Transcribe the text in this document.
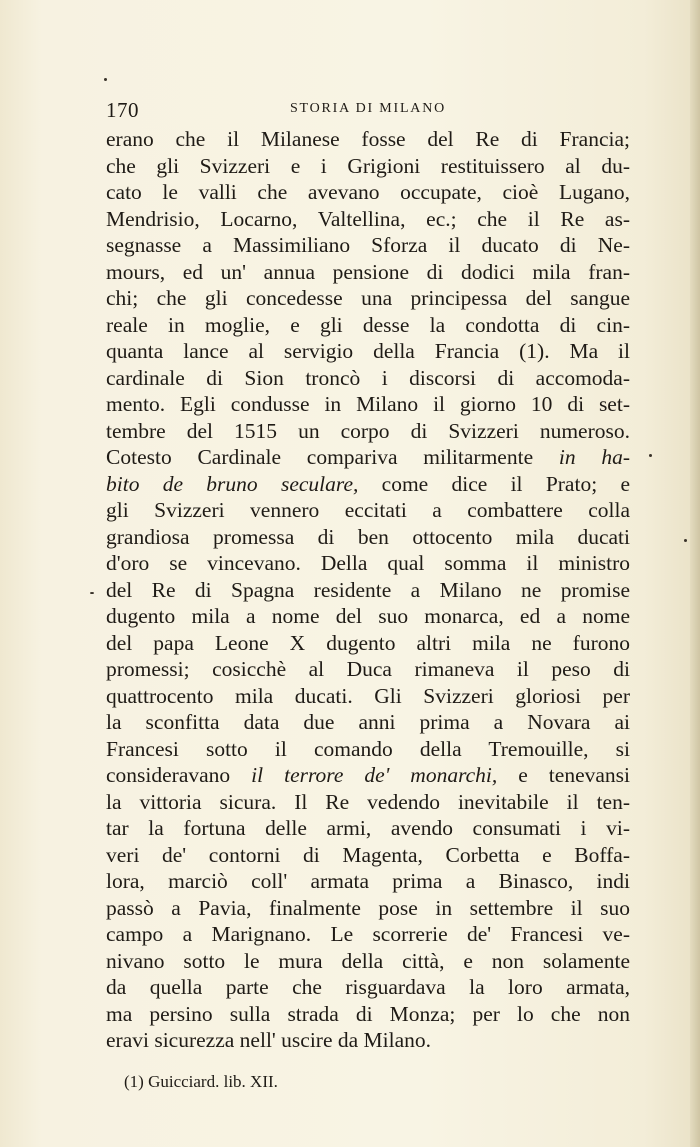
170	STORIA DI MILANO
erano che il Milanese fosse del Re di Francia;
che gli Svizzeri e i Grigioni restituissero al du-
cato le valli che avevano occupate, cioè Lugano,
Mendrisio, Locarno, Valtellina, ec.; che il Re as-
segnasse a Massimiliano Sforza il ducato di Ne-
mours, ed un' annua pensione di dodici mila fran-
chi; che gli concedesse una principessa del sangue
reale in moglie, e gli desse la condotta di cin-
quanta lance al servigio della Francia (1). Ma il
cardinale di Sion troncò i discorsi di accomoda-
mento. Egli condusse in Milano il giorno 10 di set-
tembre del 1515 un corpo di Svizzeri numeroso.
Cotesto Cardinale compariva militarmente in ha-
bito de bruno seculare, come dice il Prato; e
gli Svizzeri vennero eccitati a combattere colla
grandiosa promessa di ben ottocento mila ducati
d'oro se vincevano. Della qual somma il ministro
del Re di Spagna residente a Milano ne promise
dugento mila a nome del suo monarca, ed a nome
del papa Leone X dugento altri mila ne furono
promessi; cosicchè al Duca rimaneva il peso di
quattrocento mila ducati. Gli Svizzeri gloriosi per
la sconfitta data due anni prima a Novara ai
Francesi sotto il comando della Tremouille, si
consideravano il terrore de' monarchi, e tenevansi
la vittoria sicura. Il Re vedendo inevitabile il ten-
tar la fortuna delle armi, avendo consumati i vi-
veri de' contorni di Magenta, Corbetta e Boffa-
lora, marciò coll' armata prima a Binasco, indi
passò a Pavia, finalmente pose in settembre il suo
campo a Marignano. Le scorrerie de' Francesi ve-
nivano sotto le mura della città, e non solamente
da quella parte che risguardava la loro armata,
ma persino sulla strada di Monza; per lo che non
eravi sicurezza nell' uscire da Milano.
(1) Guicciard. lib. XII.
